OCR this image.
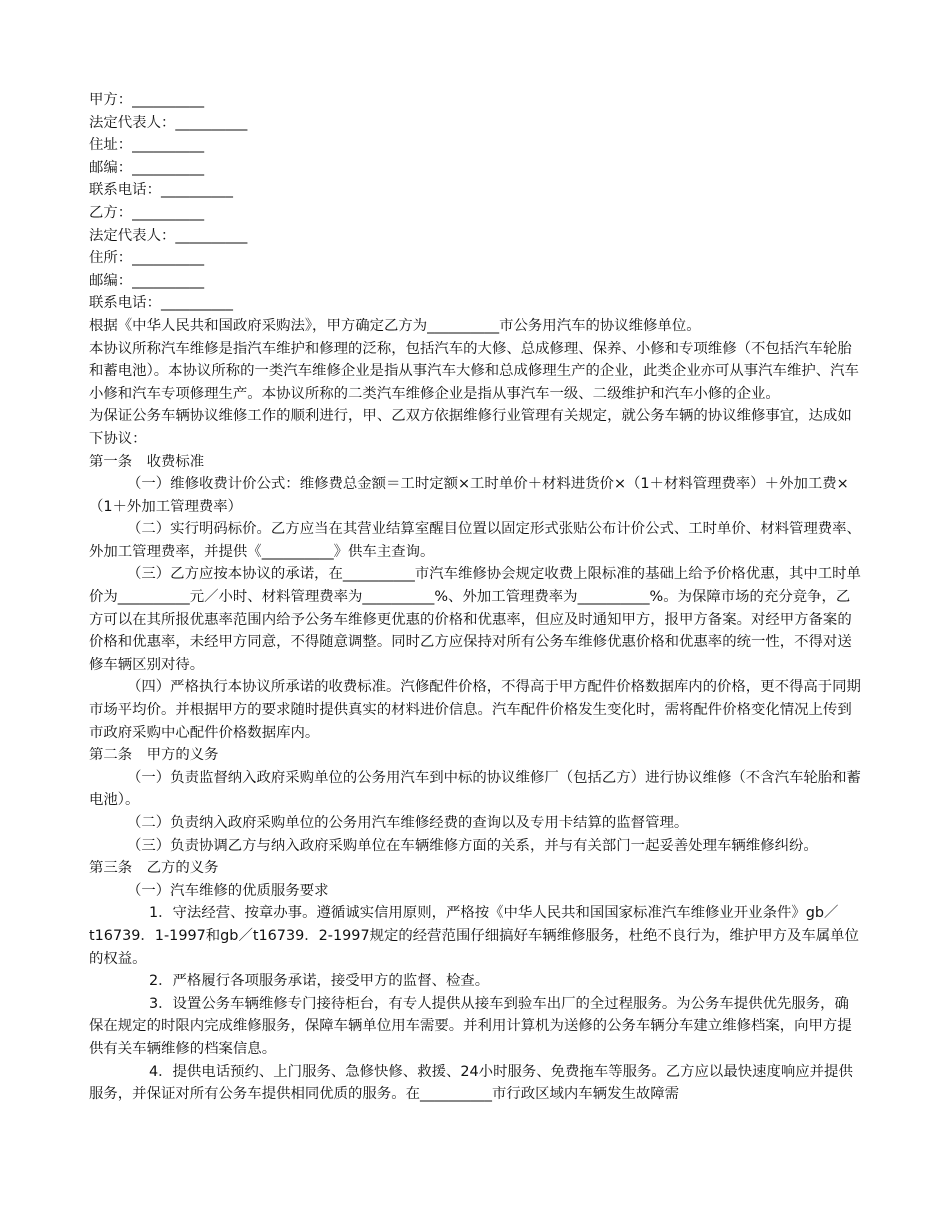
甲方：__________

法定代表人：__________

住址：__________

邮编：__________

联系电话：__________

乙方：__________

法定代表人：__________

住所：__________

邮编：__________

联系电话：__________

根据《中华人民共和国政府采购法》，甲方确定乙方为__________市公务用汽车的协议维修单位。

本协议所称汽车维修是指汽车维护和修理的泛称，包括汽车的大修、总成修理、保养、小修和专项维修（不包括汽车轮胎和蓄电池）。本协议所称的一类汽车维修企业是指从事汽车大修和总成修理生产的企业，此类企业亦可从事汽车维护、汽车小修和汽车专项修理生产。本协议所称的二类汽车维修企业是指从事汽车一级、二级维护和汽车小修的企业。

为保证公务车辆协议维修工作的顺利进行，甲、乙双方依据维修行业管理有关规定，就公务车辆的协议维修事宜，达成如下协议：

第一条　收费标准

（一）维修收费计价公式：维修费总金额＝工时定额×工时单价＋材料进货价×（1＋材料管理费率）＋外加工费×（1＋外加工管理费率）

（二）实行明码标价。乙方应当在其营业结算室醒目位置以固定形式张贴公布计价公式、工时单价、材料管理费率、外加工管理费率，并提供《__________》供车主查询。

（三）乙方应按本协议的承诺，在__________市汽车维修协会规定收费上限标准的基础上给予价格优惠，其中工时单价为__________元／小时、材料管理费率为__________%、外加工管理费率为__________%。为保障市场的充分竞争，乙方可以在其所报优惠率范围内给予公务车维修更优惠的价格和优惠率，但应及时通知甲方，报甲方备案。对经甲方备案的价格和优惠率，未经甲方同意，不得随意调整。同时乙方应保持对所有公务车维修优惠价格和优惠率的统一性，不得对送修车辆区别对待。

（四）严格执行本协议所承诺的收费标准。汽修配件价格，不得高于甲方配件价格数据库内的价格，更不得高于同期市场平均价。并根据甲方的要求随时提供真实的材料进价信息。汽车配件价格发生变化时，需将配件价格变化情况上传到市政府采购中心配件价格数据库内。

第二条　甲方的义务

（一）负责监督纳入政府采购单位的公务用汽车到中标的协议维修厂（包括乙方）进行协议维修（不含汽车轮胎和蓄电池）。

（二）负责纳入政府采购单位的公务用汽车维修经费的查询以及专用卡结算的监督管理。

（三）负责协调乙方与纳入政府采购单位在车辆维修方面的关系，并与有关部门一起妥善处理车辆维修纠纷。

第三条　乙方的义务

（一）汽车维修的优质服务要求

1．守法经营、按章办事。遵循诚实信用原则，严格按《中华人民共和国国家标准汽车维修业开业条件》gb／t16739．1-1997和gb／t16739．2-1997规定的经营范围仔细搞好车辆维修服务，杜绝不良行为，维护甲方及车属单位的权益。

2．严格履行各项服务承诺，接受甲方的监督、检查。

3．设置公务车辆维修专门接待柜台，有专人提供从接车到验车出厂的全过程服务。为公务车提供优先服务，确保在规定的时限内完成维修服务，保障车辆单位用车需要。并利用计算机为送修的公务车辆分车建立维修档案，向甲方提供有关车辆维修的档案信息。

4．提供电话预约、上门服务、急修快修、救援、24小时服务、免费拖车等服务。乙方应以最快速度响应并提供服务，并保证对所有公务车提供相同优质的服务。在__________市行政区域内车辆发生故障需
